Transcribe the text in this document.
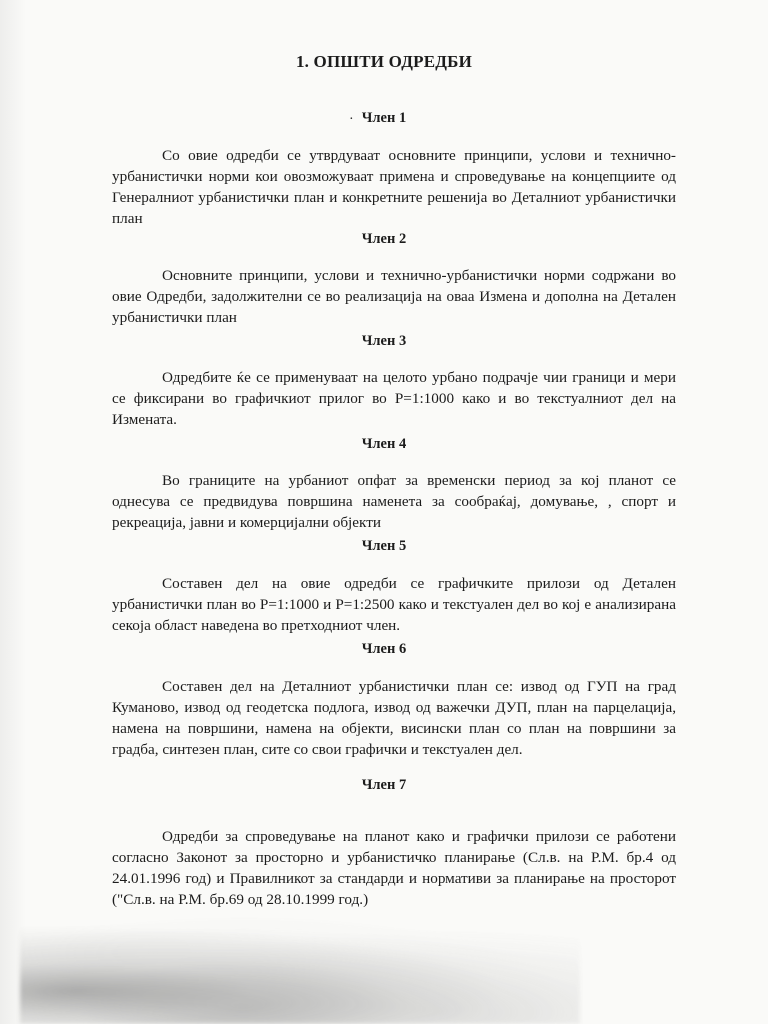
1. ОПШТИ ОДРЕДБИ
· Член 1
Со овие одредби се утврдуваат основните принципи, услови и технично-урбанистички норми кои овозможуваат примена и спроведување на концепциите од Генералниот урбанистички план и конкретните решенија во Деталниот урбанистички план
Член 2
Основните принципи, услови и технично-урбанистички норми содржани во овие Одредби, задолжителни се во реализација на оваа Измена и дополна на Детален урбанистички план
Член 3
Одредбите ќе се применуваат на целото урбано подрачје чии граници и мери се фиксирани во графичкиот прилог во Р=1:1000 како и во текстуалниот дел на Измената.
Член 4
Во границите на урбаниот опфат за временски период за кој планот се однесува се предвидува површина наменета за сообраќај, домување, , спорт и рекреација, јавни и комерцијални објекти
Член 5
Составен дел на овие одредби се графичките прилози од Детален урбанистички план во Р=1:1000 и Р=1:2500 како и текстуален дел во кој е анализирана секоја област наведена во претходниот член.
Член 6
Составен дел на Деталниот урбанистички план се: извод од ГУП на град Куманово, извод од геодетска подлога, извод од важечки ДУП, план на парцелација, намена на површини, намена на објекти, висински план со план на површини за градба, синтезен план, сите со свои графички и текстуален дел.
Член 7
Одредби за спроведување на планот како и графички прилози се работени согласно Законот за просторно и урбанистичко планирање (Сл.в. на Р.М. бр.4 од 24.01.1996 год) и Правилникот за стандарди и нормативи за планирање на просторот ("Сл.в. на Р.М. бр.69 од 28.10.1999 год.)
